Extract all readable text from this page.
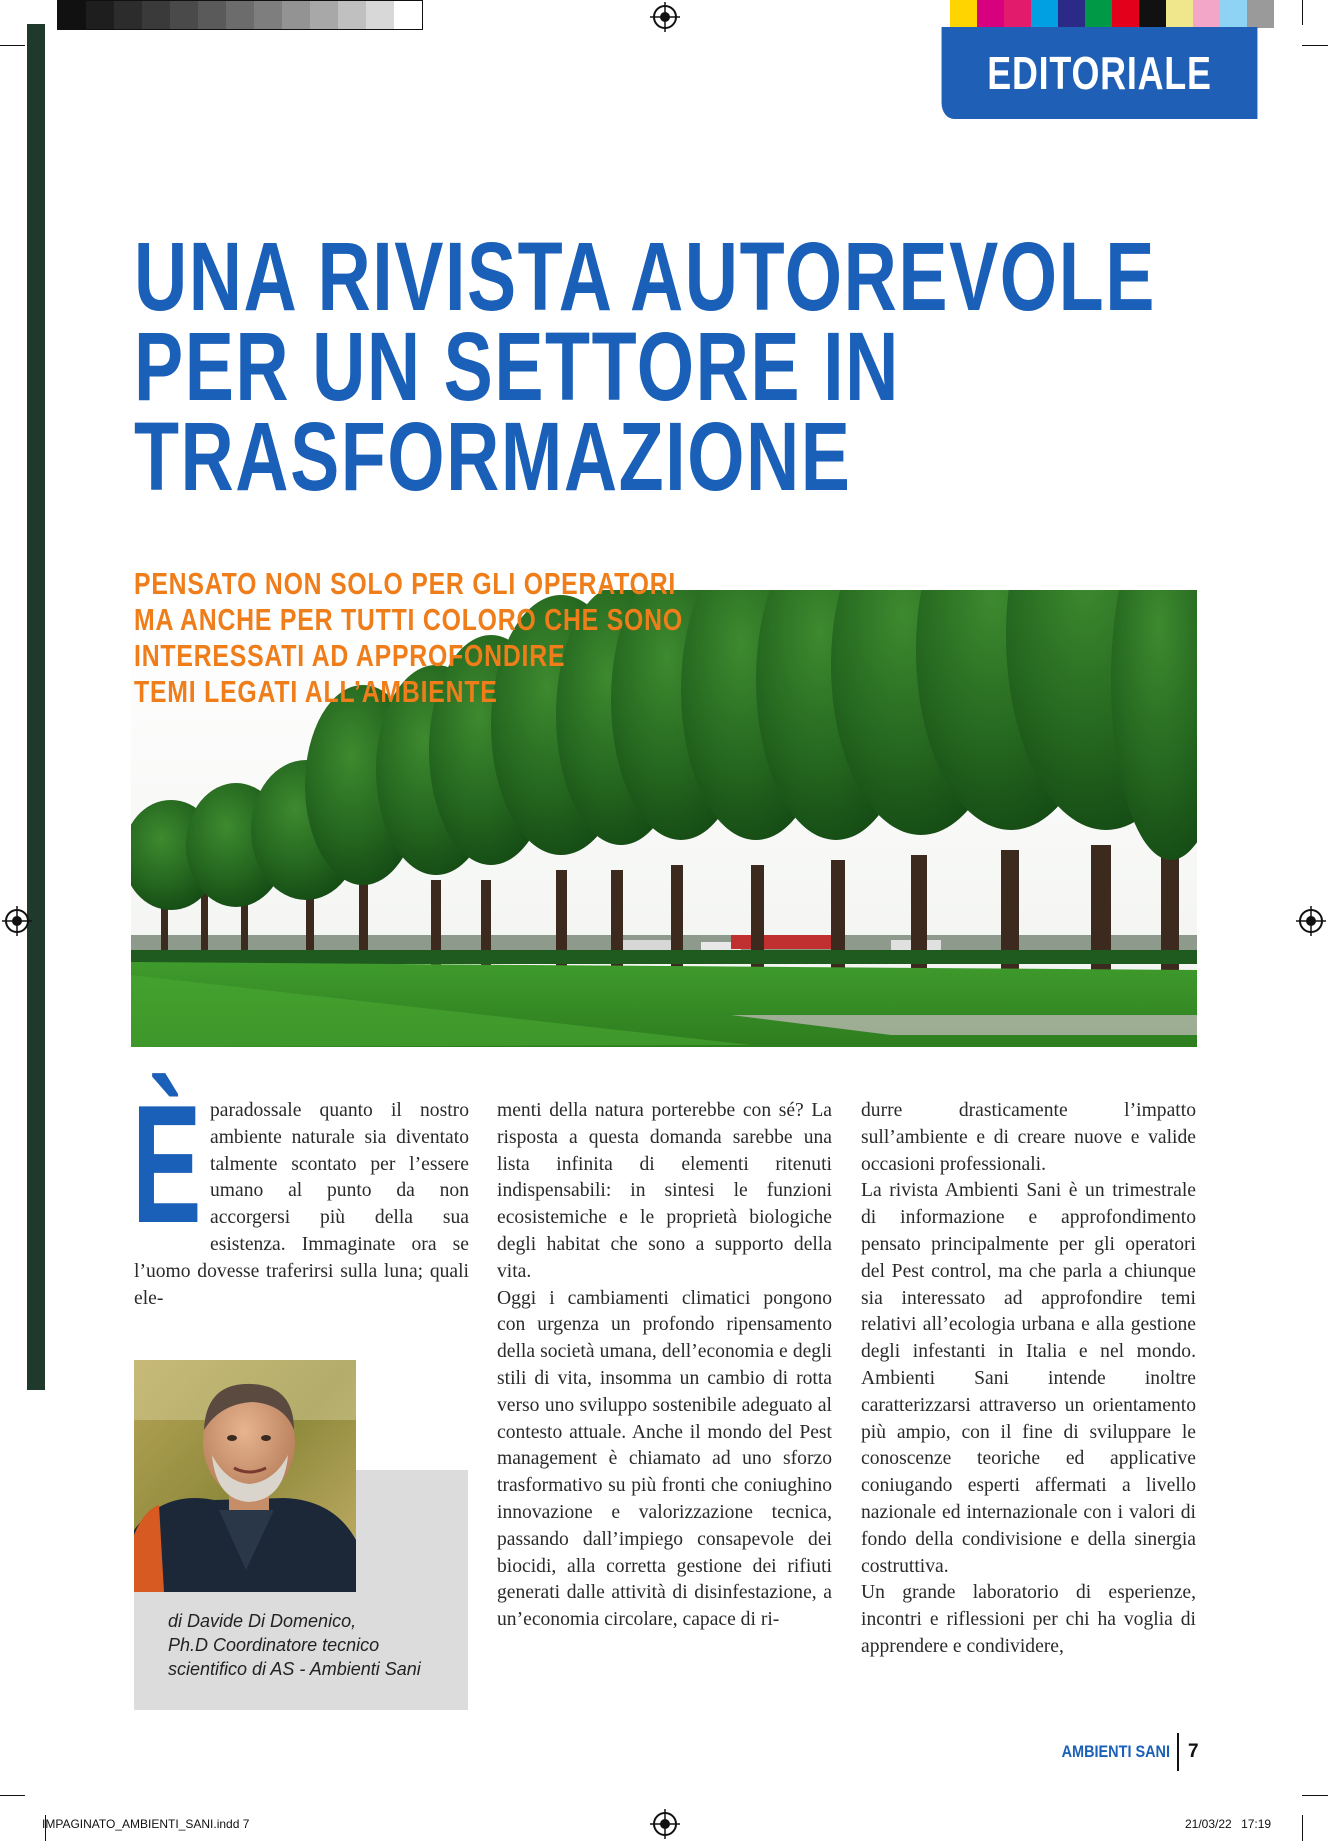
EDITORIALE
UNA RIVISTA AUTOREVOLE
PER UN SETTORE IN
TRASFORMAZIONE
PENSATO NON SOLO PER GLI OPERATORI
MA ANCHE PER TUTTI COLORO CHE SONO
INTERESSATI AD APPROFONDIRE
TEMI LEGATI ALL’AMBIENTE
È paradossale quanto il nostro ambiente naturale sia diventato talmente scontato per l’essere umano al punto da non accorgersi più della sua esistenza. Immaginate ora se l’uomo dovesse traferirsi sulla luna; quali ele-

menti della natura porterebbe con sé? La risposta a questa domanda sarebbe una lista infinita di elementi ritenuti indispensabili: in sintesi le funzioni ecosistemiche e le proprietà biologiche degli habitat che sono a supporto della vita.

Oggi i cambiamenti climatici pongono con urgenza un profondo ripensamento della società umana, dell’economia e degli stili di vita, insomma un cambio di rotta verso uno sviluppo sostenibile adeguato al contesto attuale. Anche il mondo del Pest management è chiamato ad uno sforzo trasformativo su più fronti che coniughino innovazione e valorizzazione tecnica, passando dall’impiego consapevole dei biocidi, alla corretta gestione dei rifiuti generati dalle attività di disinfestazione, a un’economia circolare, capace di ri-

durre drasticamente l’impatto sull’ambiente e di creare nuove e valide occasioni professionali.

La rivista Ambienti Sani è un trimestrale di informazione e approfondimento pensato principalmente per gli operatori del Pest control, ma che parla a chiunque sia interessato ad approfondire temi relativi all’ecologia urbana e alla gestione degli infestanti in Italia e nel mondo. Ambienti Sani intende inoltre caratterizzarsi attraverso un orientamento più ampio, con il fine di sviluppare le conoscenze teoriche ed applicative coniugando esperti affermati a livello nazionale ed internazionale con i valori di fondo della condivisione e della sinergia costruttiva.

Un grande laboratorio di esperienze, incontri e riflessioni per chi ha voglia di apprendere e condividere,

di Davide Di Domenico,
Ph.D Coordinatore tecnico
scientifico di AS - Ambienti Sani
AMBIENTI SANI 7
IMPAGINATO_AMBIENTI_SANI.indd 7	21/03/22 17:19
